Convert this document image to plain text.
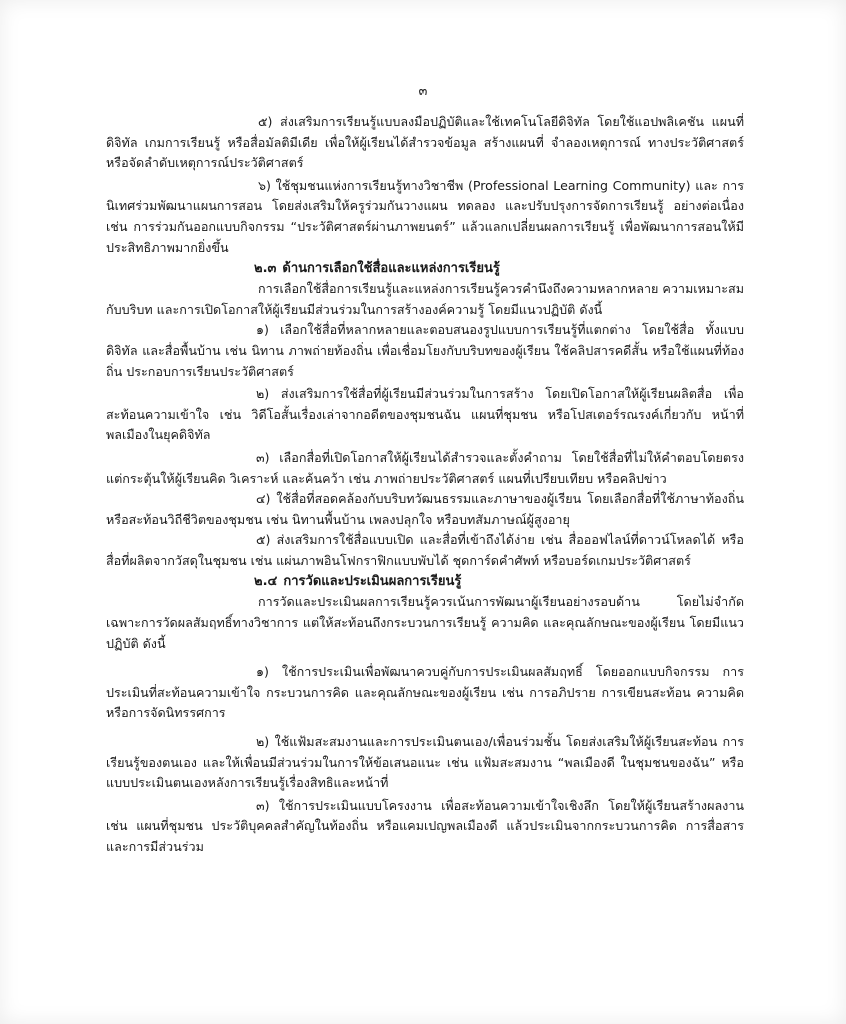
๓

๕) ส่งเสริมการเรียนรู้แบบลงมือปฏิบัติและใช้เทคโนโลยีดิจิทัล โดยใช้แอปพลิเคชัน แผนที่ดิจิทัล เกมการเรียนรู้ หรือสื่อมัลติมีเดีย เพื่อให้ผู้เรียนได้สำรวจข้อมูล สร้างแผนที่ จำลองเหตุการณ์ ทางประวัติศาสตร์ หรือจัดลำดับเหตุการณ์ประวัติศาสตร์

๖) ใช้ชุมชนแห่งการเรียนรู้ทางวิชาชีพ (Professional Learning Community) และ การนิเทศร่วมพัฒนาแผนการสอน โดยส่งเสริมให้ครูร่วมกันวางแผน ทดลอง และปรับปรุงการจัดการเรียนรู้ อย่างต่อเนื่อง เช่น การร่วมกันออกแบบกิจกรรม “ประวัติศาสตร์ผ่านภาพยนตร์” แล้วแลกเปลี่ยนผลการเรียนรู้ เพื่อพัฒนาการสอนให้มีประสิทธิภาพมากยิ่งขึ้น

๒.๓ ด้านการเลือกใช้สื่อและแหล่งการเรียนรู้

การเลือกใช้สื่อการเรียนรู้และแหล่งการเรียนรู้ควรคำนึงถึงความหลากหลาย ความเหมาะสมกับบริบท และการเปิดโอกาสให้ผู้เรียนมีส่วนร่วมในการสร้างองค์ความรู้ โดยมีแนวปฏิบัติ ดังนี้

๑) เลือกใช้สื่อที่หลากหลายและตอบสนองรูปแบบการเรียนรู้ที่แตกต่าง โดยใช้สื่อ ทั้งแบบดิจิทัล และสื่อพื้นบ้าน เช่น นิทาน ภาพถ่ายท้องถิ่น เพื่อเชื่อมโยงกับบริบทของผู้เรียน ใช้คลิปสารคดีสั้น หรือใช้แผนที่ท้องถิ่น ประกอบการเรียนประวัติศาสตร์

๒) ส่งเสริมการใช้สื่อที่ผู้เรียนมีส่วนร่วมในการสร้าง โดยเปิดโอกาสให้ผู้เรียนผลิตสื่อ เพื่อสะท้อนความเข้าใจ เช่น วิดีโอสั้นเรื่องเล่าจากอดีตของชุมชนฉัน แผนที่ชุมชน หรือโปสเตอร์รณรงค์เกี่ยวกับ หน้าที่พลเมืองในยุคดิจิทัล

๓) เลือกสื่อที่เปิดโอกาสให้ผู้เรียนได้สำรวจและตั้งคำถาม โดยใช้สื่อที่ไม่ให้คำตอบโดยตรง แต่กระตุ้นให้ผู้เรียนคิด วิเคราะห์ และค้นคว้า เช่น ภาพถ่ายประวัติศาสตร์ แผนที่เปรียบเทียบ หรือคลิปข่าว

๔) ใช้สื่อที่สอดคล้องกับบริบทวัฒนธรรมและภาษาของผู้เรียน โดยเลือกสื่อที่ใช้ภาษาท้องถิ่น หรือสะท้อนวิถีชีวิตของชุมชน เช่น นิทานพื้นบ้าน เพลงปลุกใจ หรือบทสัมภาษณ์ผู้สูงอายุ

๕) ส่งเสริมการใช้สื่อแบบเปิด และสื่อที่เข้าถึงได้ง่าย เช่น สื่อออฟไลน์ที่ดาวน์โหลดได้ หรือสื่อที่ผลิตจากวัสดุในชุมชน เช่น แผ่นภาพอินโฟกราฟิกแบบพับได้ ชุดการ์ดคำศัพท์ หรือบอร์ดเกมประวัติศาสตร์

๒.๔ การวัดและประเมินผลการเรียนรู้

การวัดและประเมินผลการเรียนรู้ควรเน้นการพัฒนาผู้เรียนอย่างรอบด้าน โดยไม่จำกัด เฉพาะการวัดผลสัมฤทธิ์ทางวิชาการ แต่ให้สะท้อนถึงกระบวนการเรียนรู้ ความคิด และคุณลักษณะของผู้เรียน โดยมีแนวปฏิบัติ ดังนี้

๑) ใช้การประเมินเพื่อพัฒนาควบคู่กับการประเมินผลสัมฤทธิ์ โดยออกแบบกิจกรรม การประเมินที่สะท้อนความเข้าใจ กระบวนการคิด และคุณลักษณะของผู้เรียน เช่น การอภิปราย การเขียนสะท้อน ความคิด หรือการจัดนิทรรศการ

๒) ใช้แฟ้มสะสมงานและการประเมินตนเอง/เพื่อนร่วมชั้น โดยส่งเสริมให้ผู้เรียนสะท้อน การเรียนรู้ของตนเอง และให้เพื่อนมีส่วนร่วมในการให้ข้อเสนอแนะ เช่น แฟ้มสะสมงาน “พลเมืองดี ในชุมชนของฉัน” หรือแบบประเมินตนเองหลังการเรียนรู้เรื่องสิทธิและหน้าที่

๓) ใช้การประเมินแบบโครงงาน เพื่อสะท้อนความเข้าใจเชิงลึก โดยให้ผู้เรียนสร้างผลงาน เช่น แผนที่ชุมชน ประวัติบุคคลสำคัญในท้องถิ่น หรือแคมเปญพลเมืองดี แล้วประเมินจากกระบวนการคิด การสื่อสาร และการมีส่วนร่วม
